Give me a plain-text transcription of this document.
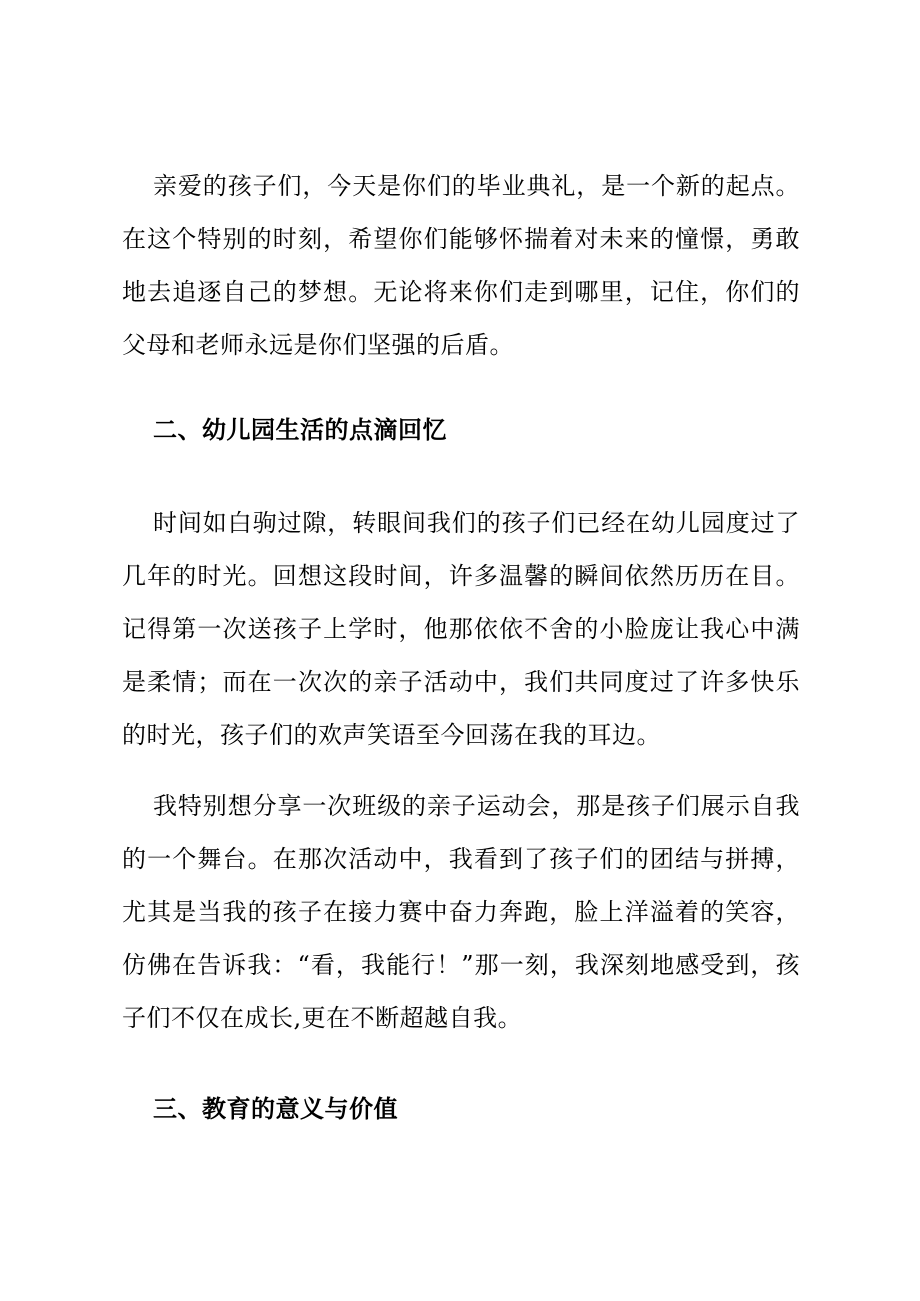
亲爱的孩子们，今天是你们的毕业典礼，是一个新的起点。在这个特别的时刻，希望你们能够怀揣着对未来的憧憬，勇敢地去追逐自己的梦想。无论将来你们走到哪里，记住，你们的父母和老师永远是你们坚强的后盾。

二、幼儿园生活的点滴回忆

时间如白驹过隙，转眼间我们的孩子们已经在幼儿园度过了几年的时光。回想这段时间，许多温馨的瞬间依然历历在目。记得第一次送孩子上学时，他那依依不舍的小脸庞让我心中满是柔情；而在一次次的亲子活动中，我们共同度过了许多快乐的时光，孩子们的欢声笑语至今回荡在我的耳边。

我特别想分享一次班级的亲子运动会，那是孩子们展示自我的一个舞台。在那次活动中，我看到了孩子们的团结与拼搏，尤其是当我的孩子在接力赛中奋力奔跑，脸上洋溢着的笑容，仿佛在告诉我：“看，我能行！”那一刻，我深刻地感受到，孩子们不仅在成长,更在不断超越自我。

三、教育的意义与价值
